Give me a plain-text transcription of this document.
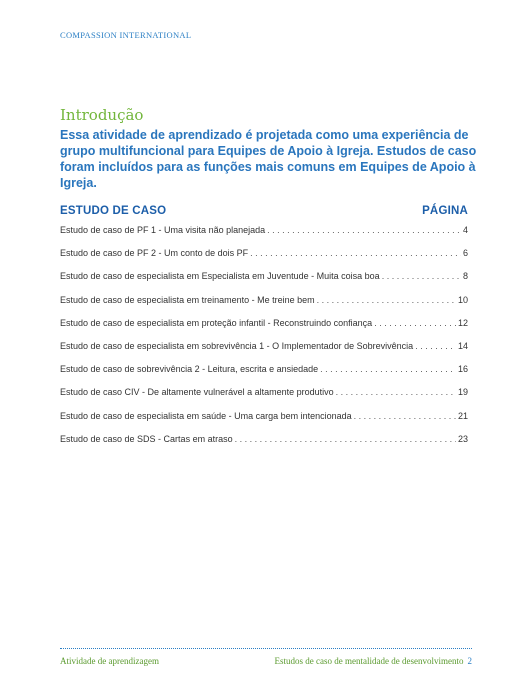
COMPASSION INTERNATIONAL
Introdução
Essa atividade de aprendizado é projetada como uma experiência de grupo multifuncional para Equipes de Apoio à Igreja. Estudos de caso foram incluídos para as funções mais comuns em Equipes de Apoio à Igreja.
ESTUDO DE CASO	PÁGINA
Estudo de caso de PF 1 - Uma visita não planejada . . .	4
Estudo de caso de PF 2 - Um conto de dois PF . . .	6
Estudo de caso de especialista em Especialista em Juventude - Muita coisa boa . . .	8
Estudo de caso de especialista em treinamento - Me treine bem . . .	10
Estudo de caso de especialista em proteção infantil - Reconstruindo confiança . . .	12
Estudo de caso de especialista em sobrevivência 1 - O Implementador de Sobrevivência . . .	14
Estudo de caso de sobrevivência 2 - Leitura, escrita e ansiedade . . .	16
Estudo de caso CIV - De altamente vulnerável a altamente produtivo . . .	19
Estudo de caso de especialista em saúde - Uma carga bem intencionada . . .	21
Estudo de caso de SDS - Cartas em atraso . . .	23
Atividade de aprendizagem	Estudos de caso de mentalidade de desenvolvimento 2
